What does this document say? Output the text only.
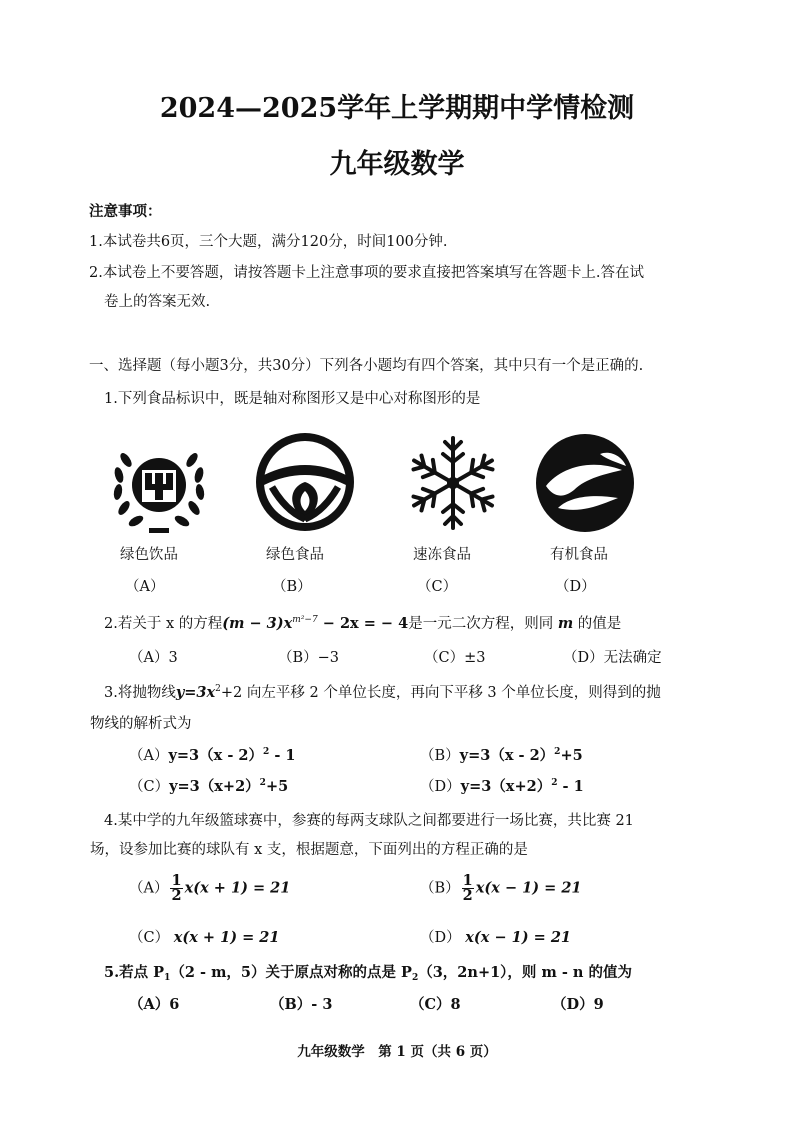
2024—2025学年上学期期中学情检测
九年级数学
注意事项：
1.本试卷共6页，三个大题，满分120分，时间100分钟.
2.本试卷上不要答题，请按答题卡上注意事项的要求直接把答案填写在答题卡上.答在试
卷上的答案无效.
一、选择题（每小题3分，共30分）下列各小题均有四个答案，其中只有一个是正确的.
1.下列食品标识中，既是轴对称图形又是中心对称图形的是
绿色饮品	绿色食品	速冻食品	有机食品
（A）	（B）	（C）	（D）
2.若关于 x 的方程$(m - 3)x^{m^2-7} - 2x$ = − 4是一元二次方程，则同 m 的值是
（A）3	（B）−3	（C）±3	（D）无法确定
3.将抛物线$y=3x^2+2$ 向左平移 2 个单位长度，再向下平移 3 个单位长度，则得到的抛
物线的解析式为
（A）y=3（x - 2）$^2$ - 1	（B）y=3（x - 2）$^2$+5
$(C)y=3(x+2)^2+5$	$(D)y=3(x+2)^2 - 1$
4.某中学的九年级篮球赛中，参赛的每两支球队之间都要进行一场比赛，共比赛 21
场，设参加比赛的球队有 x 支，根据题意，下面列出的方程正确的是
$(A) \frac{1}{2} x(x + 1) = 21$	$(B) \frac{1}{2} x(x - 1) = 21$
（C） x(x + 1) = 21	（D） x(x − 1) = 21
5.若点 $P_1(2$ - m，5）关于原点对称的点是 $P_2(3$，2n+1），则 m - n 的值为
（A）6	（B）- 3	（C）8	（D）9
九年级数学　第 1 页（共 6 页）
